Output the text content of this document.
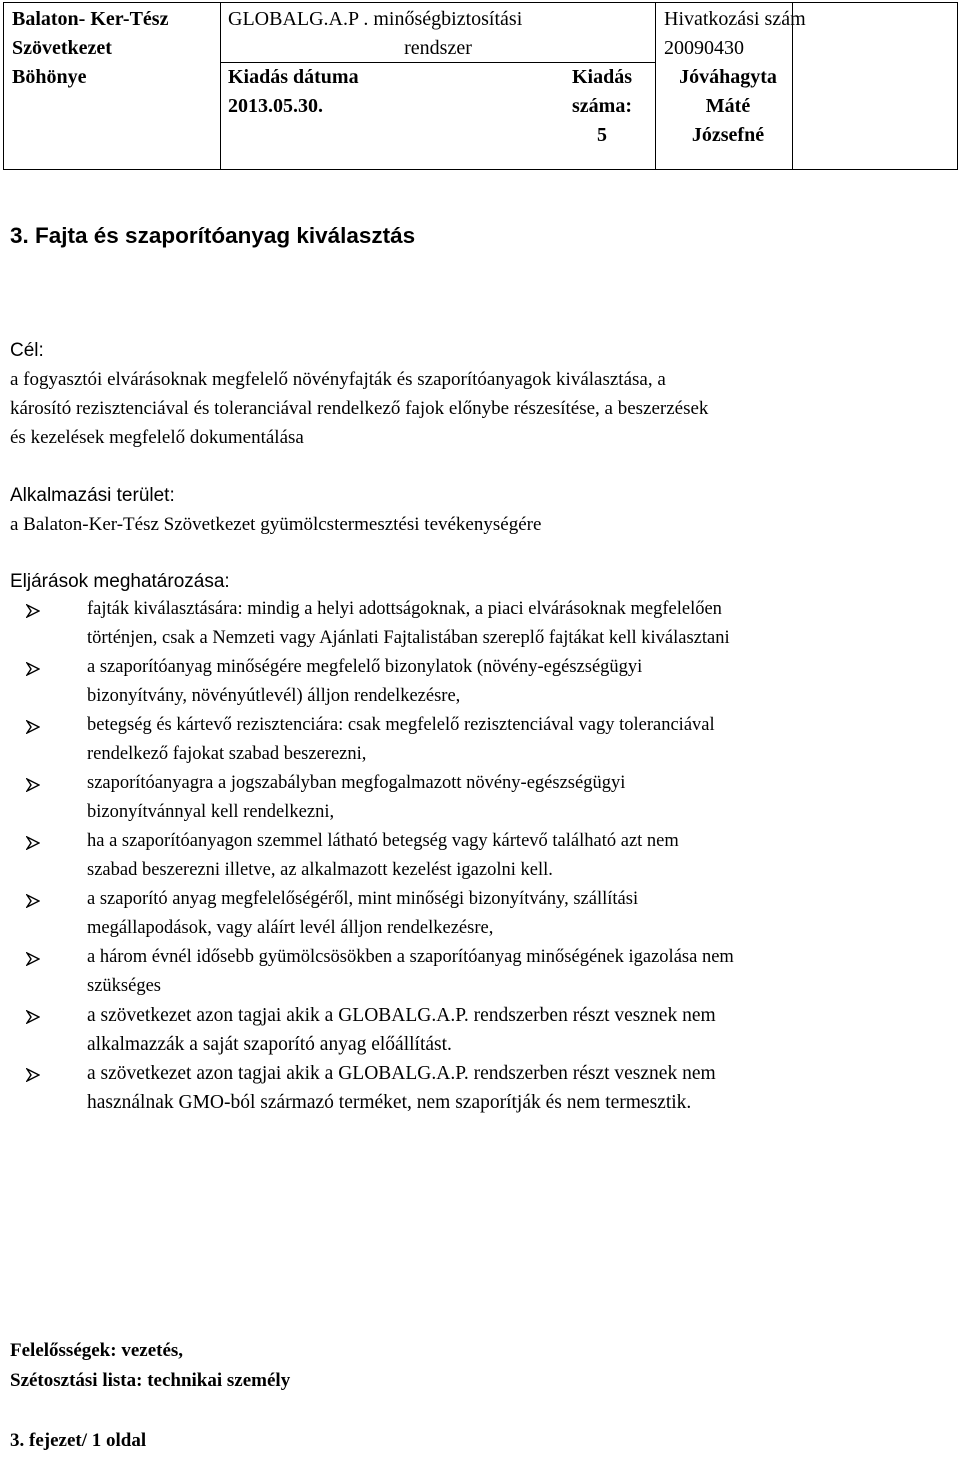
Balaton- Ker-Tész
Szövetkezet
Böhönye
GLOBALG.A.P . minőségbiztosítási
rendszer
Kiadás dátuma
2013.05.30.
Kiadás
száma:
5
Hivatkozási szám
20090430
Jóváhagyta
Máté
Józsefné
3. Fajta és szaporítóanyag kiválasztás
Cél:
a fogyasztói elvárásoknak megfelelő növényfajták és szaporítóanyagok kiválasztása, a
károsító rezisztenciával és toleranciával rendelkező fajok előnybe részesítése, a beszerzések
és kezelések megfelelő dokumentálása
Alkalmazási terület:
a Balaton-Ker-Tész Szövetkezet gyümölcstermesztési tevékenységére
Eljárások meghatározása:
fajták kiválasztására: mindig a helyi adottságoknak, a piaci elvárásoknak megfelelően
történjen, csak a Nemzeti vagy Ajánlati Fajtalistában szereplő fajtákat kell kiválasztani
a szaporítóanyag minőségére megfelelő bizonylatok (növény-egészségügyi
bizonyítvány, növényútlevél) álljon rendelkezésre,
betegség és kártevő rezisztenciára: csak megfelelő rezisztenciával vagy toleranciával
rendelkező fajokat szabad beszerezni,
szaporítóanyagra a jogszabályban megfogalmazott növény-egészségügyi
bizonyítvánnyal kell rendelkezni,
ha a szaporítóanyagon szemmel látható betegség vagy kártevő található azt nem
szabad beszerezni illetve, az alkalmazott kezelést igazolni kell.
a szaporító anyag megfelelőségéről, mint minőségi bizonyítvány, szállítási
megállapodások, vagy aláírt levél álljon rendelkezésre,
a három évnél idősebb gyümölcsösökben a szaporítóanyag minőségének igazolása nem
szükséges
a szövetkezet azon tagjai akik a GLOBALG.A.P. rendszerben részt vesznek nem
alkalmazzák a saját szaporító anyag előállítást.
a szövetkezet azon tagjai akik a GLOBALG.A.P. rendszerben részt vesznek nem
használnak GMO-ból származó terméket, nem szaporítják és nem termesztik.
Felelősségek: vezetés,
Szétosztási lista: technikai személy
3. fejezet/ 1 oldal
